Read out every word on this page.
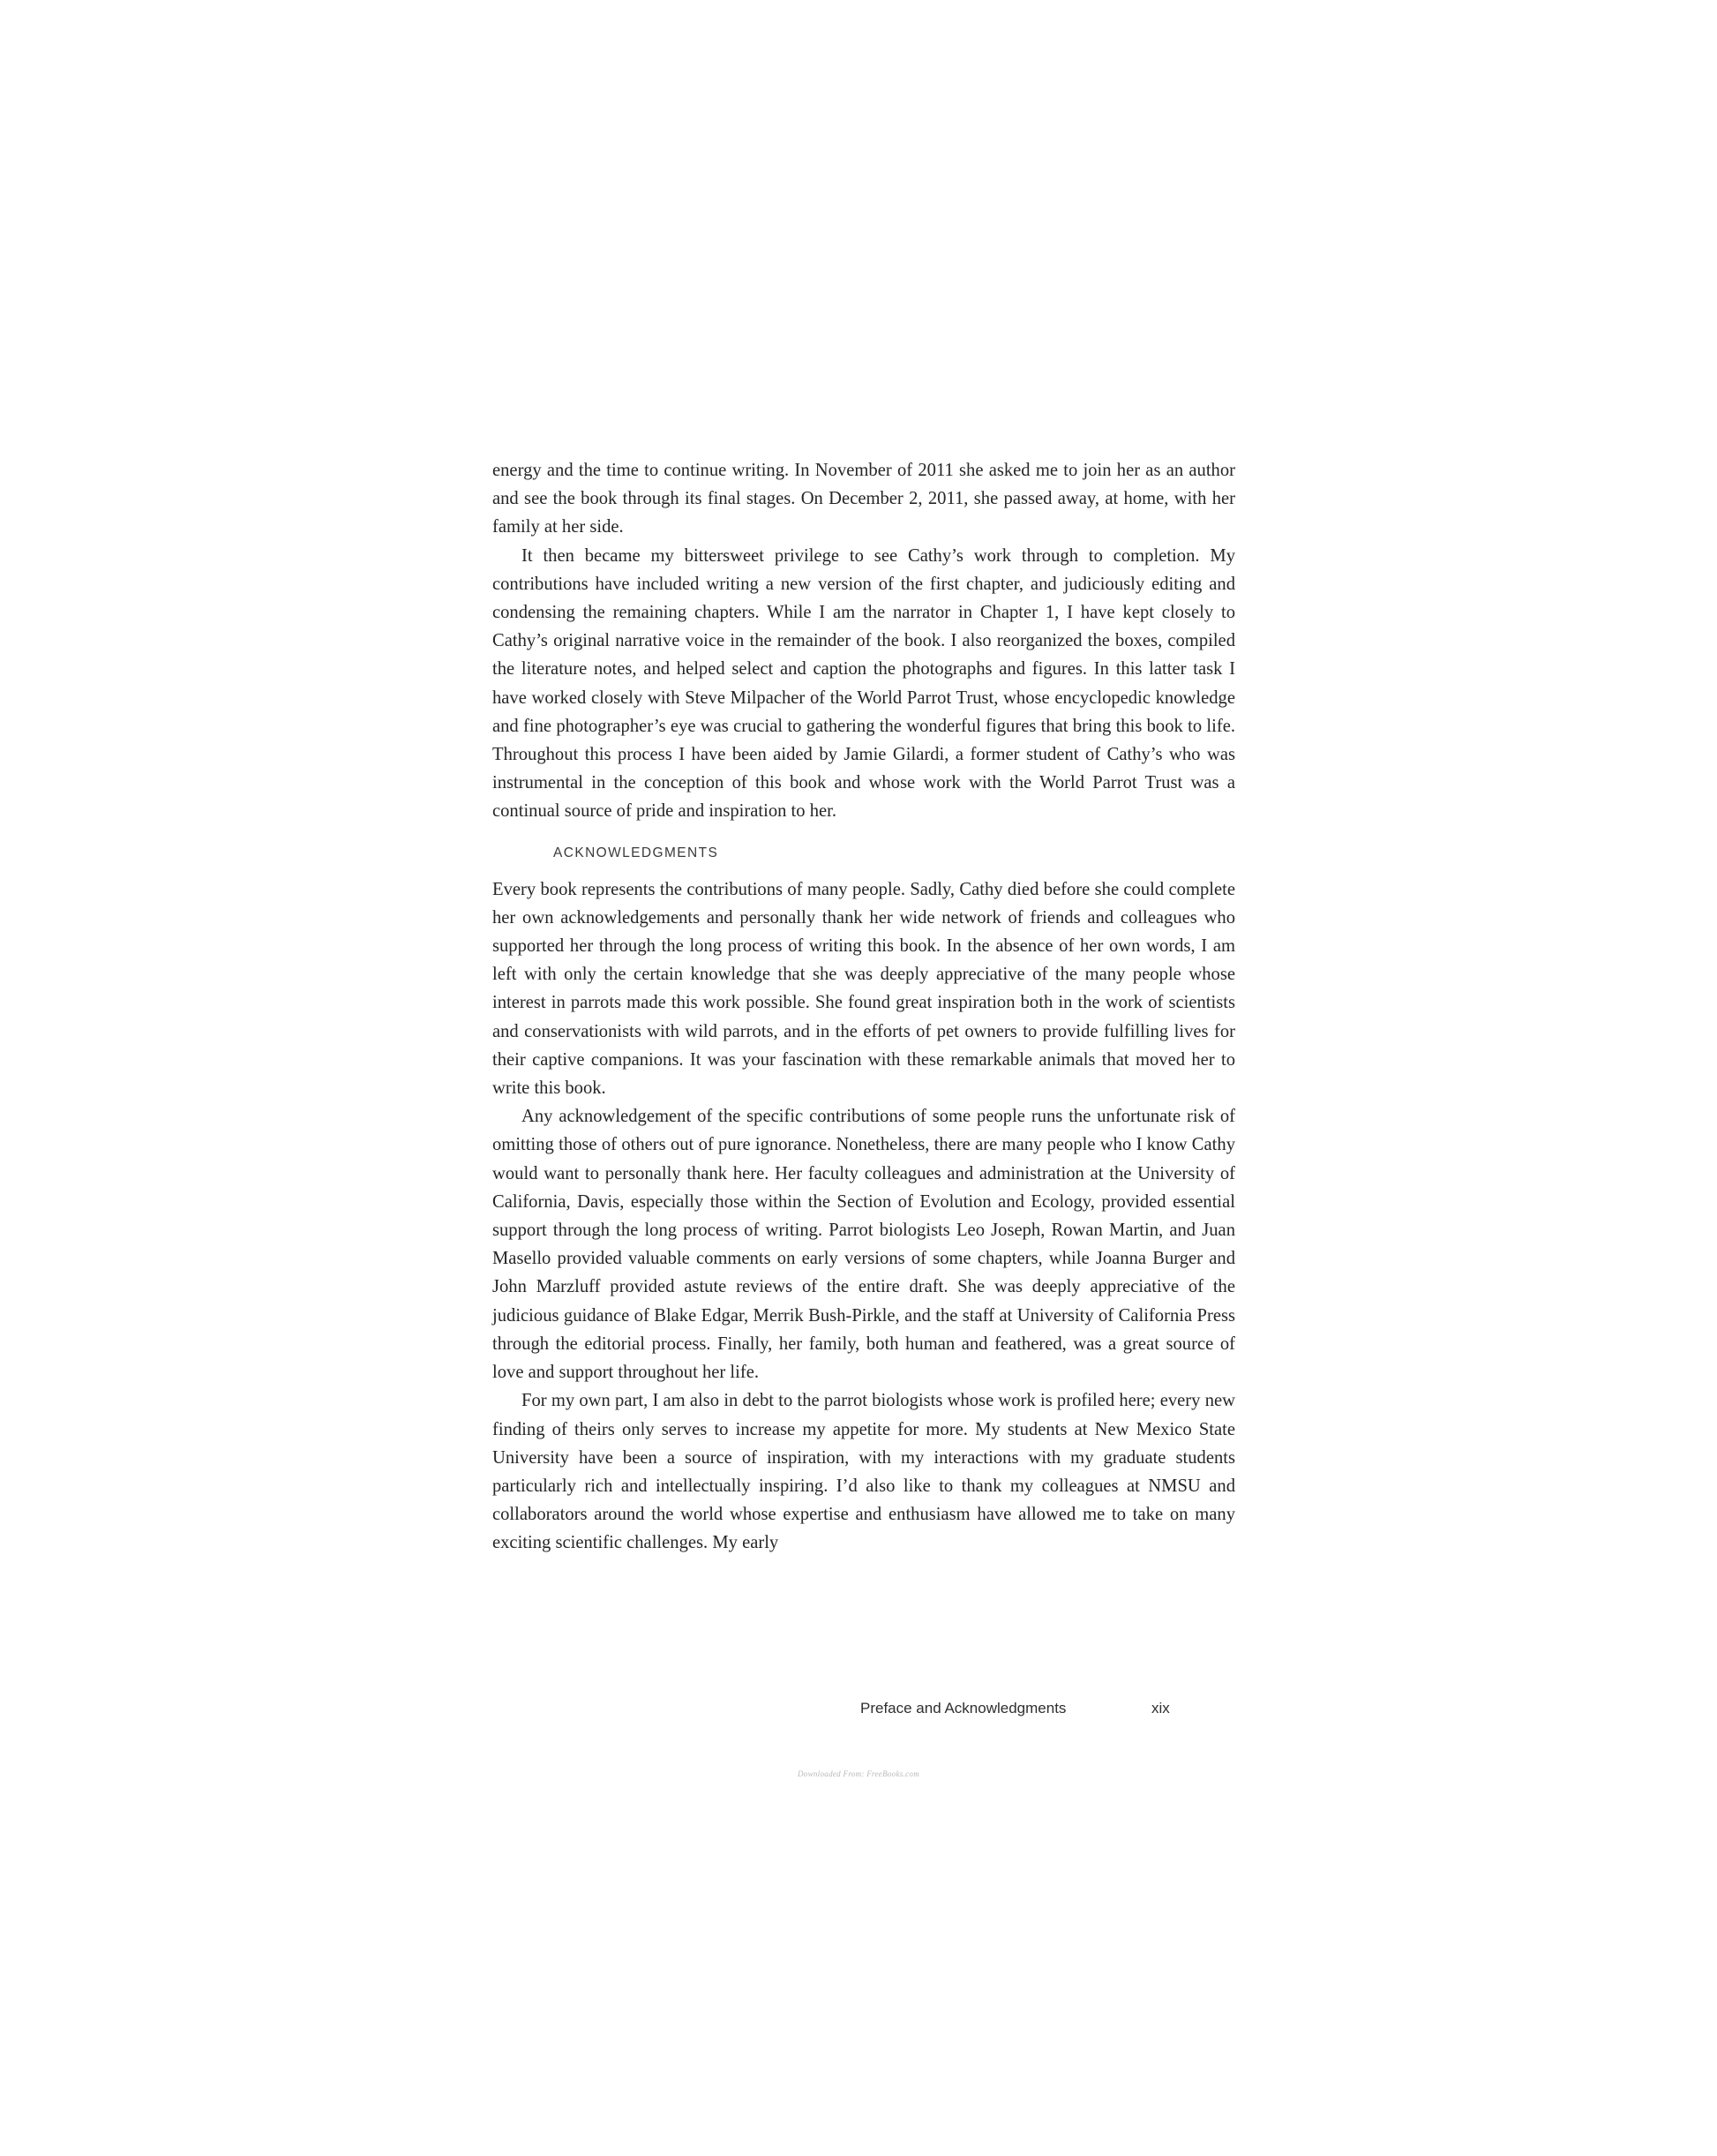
energy and the time to continue writing. In November of 2011 she asked me to join her as an author and see the book through its final stages. On December 2, 2011, she passed away, at home, with her family at her side.

It then became my bittersweet privilege to see Cathy’s work through to completion. My contributions have included writing a new version of the first chapter, and judiciously editing and condensing the remaining chapters. While I am the narrator in Chapter 1, I have kept closely to Cathy’s original narrative voice in the remainder of the book. I also reorganized the boxes, compiled the literature notes, and helped select and caption the photographs and figures. In this latter task I have worked closely with Steve Milpacher of the World Parrot Trust, whose encyclopedic knowledge and fine photographer’s eye was crucial to gathering the wonderful figures that bring this book to life. Throughout this process I have been aided by Jamie Gilardi, a former student of Cathy’s who was instrumental in the conception of this book and whose work with the World Parrot Trust was a continual source of pride and inspiration to her.

ACKNOWLEDGMENTS

Every book represents the contributions of many people. Sadly, Cathy died before she could complete her own acknowledgements and personally thank her wide network of friends and colleagues who supported her through the long process of writing this book. In the absence of her own words, I am left with only the certain knowledge that she was deeply appreciative of the many people whose interest in parrots made this work possible. She found great inspiration both in the work of scientists and conservationists with wild parrots, and in the efforts of pet owners to provide fulfilling lives for their captive companions. It was your fascination with these remarkable animals that moved her to write this book.

Any acknowledgement of the specific contributions of some people runs the unfortunate risk of omitting those of others out of pure ignorance. Nonetheless, there are many people who I know Cathy would want to personally thank here. Her faculty colleagues and administration at the University of California, Davis, especially those within the Section of Evolution and Ecology, provided essential support through the long process of writing. Parrot biologists Leo Joseph, Rowan Martin, and Juan Masello provided valuable comments on early versions of some chapters, while Joanna Burger and John Marzluff provided astute reviews of the entire draft. She was deeply appreciative of the judicious guidance of Blake Edgar, Merrik Bush-Pirkle, and the staff at University of California Press through the editorial process. Finally, her family, both human and feathered, was a great source of love and support throughout her life.

For my own part, I am also in debt to the parrot biologists whose work is profiled here; every new finding of theirs only serves to increase my appetite for more. My students at New Mexico State University have been a source of inspiration, with my interactions with my graduate students particularly rich and intellectually inspiring. I’d also like to thank my colleagues at NMSU and collaborators around the world whose expertise and enthusiasm have allowed me to take on many exciting scientific challenges. My early

Preface and Acknowledgments	xix
Downloaded From: FreeBooks.com
